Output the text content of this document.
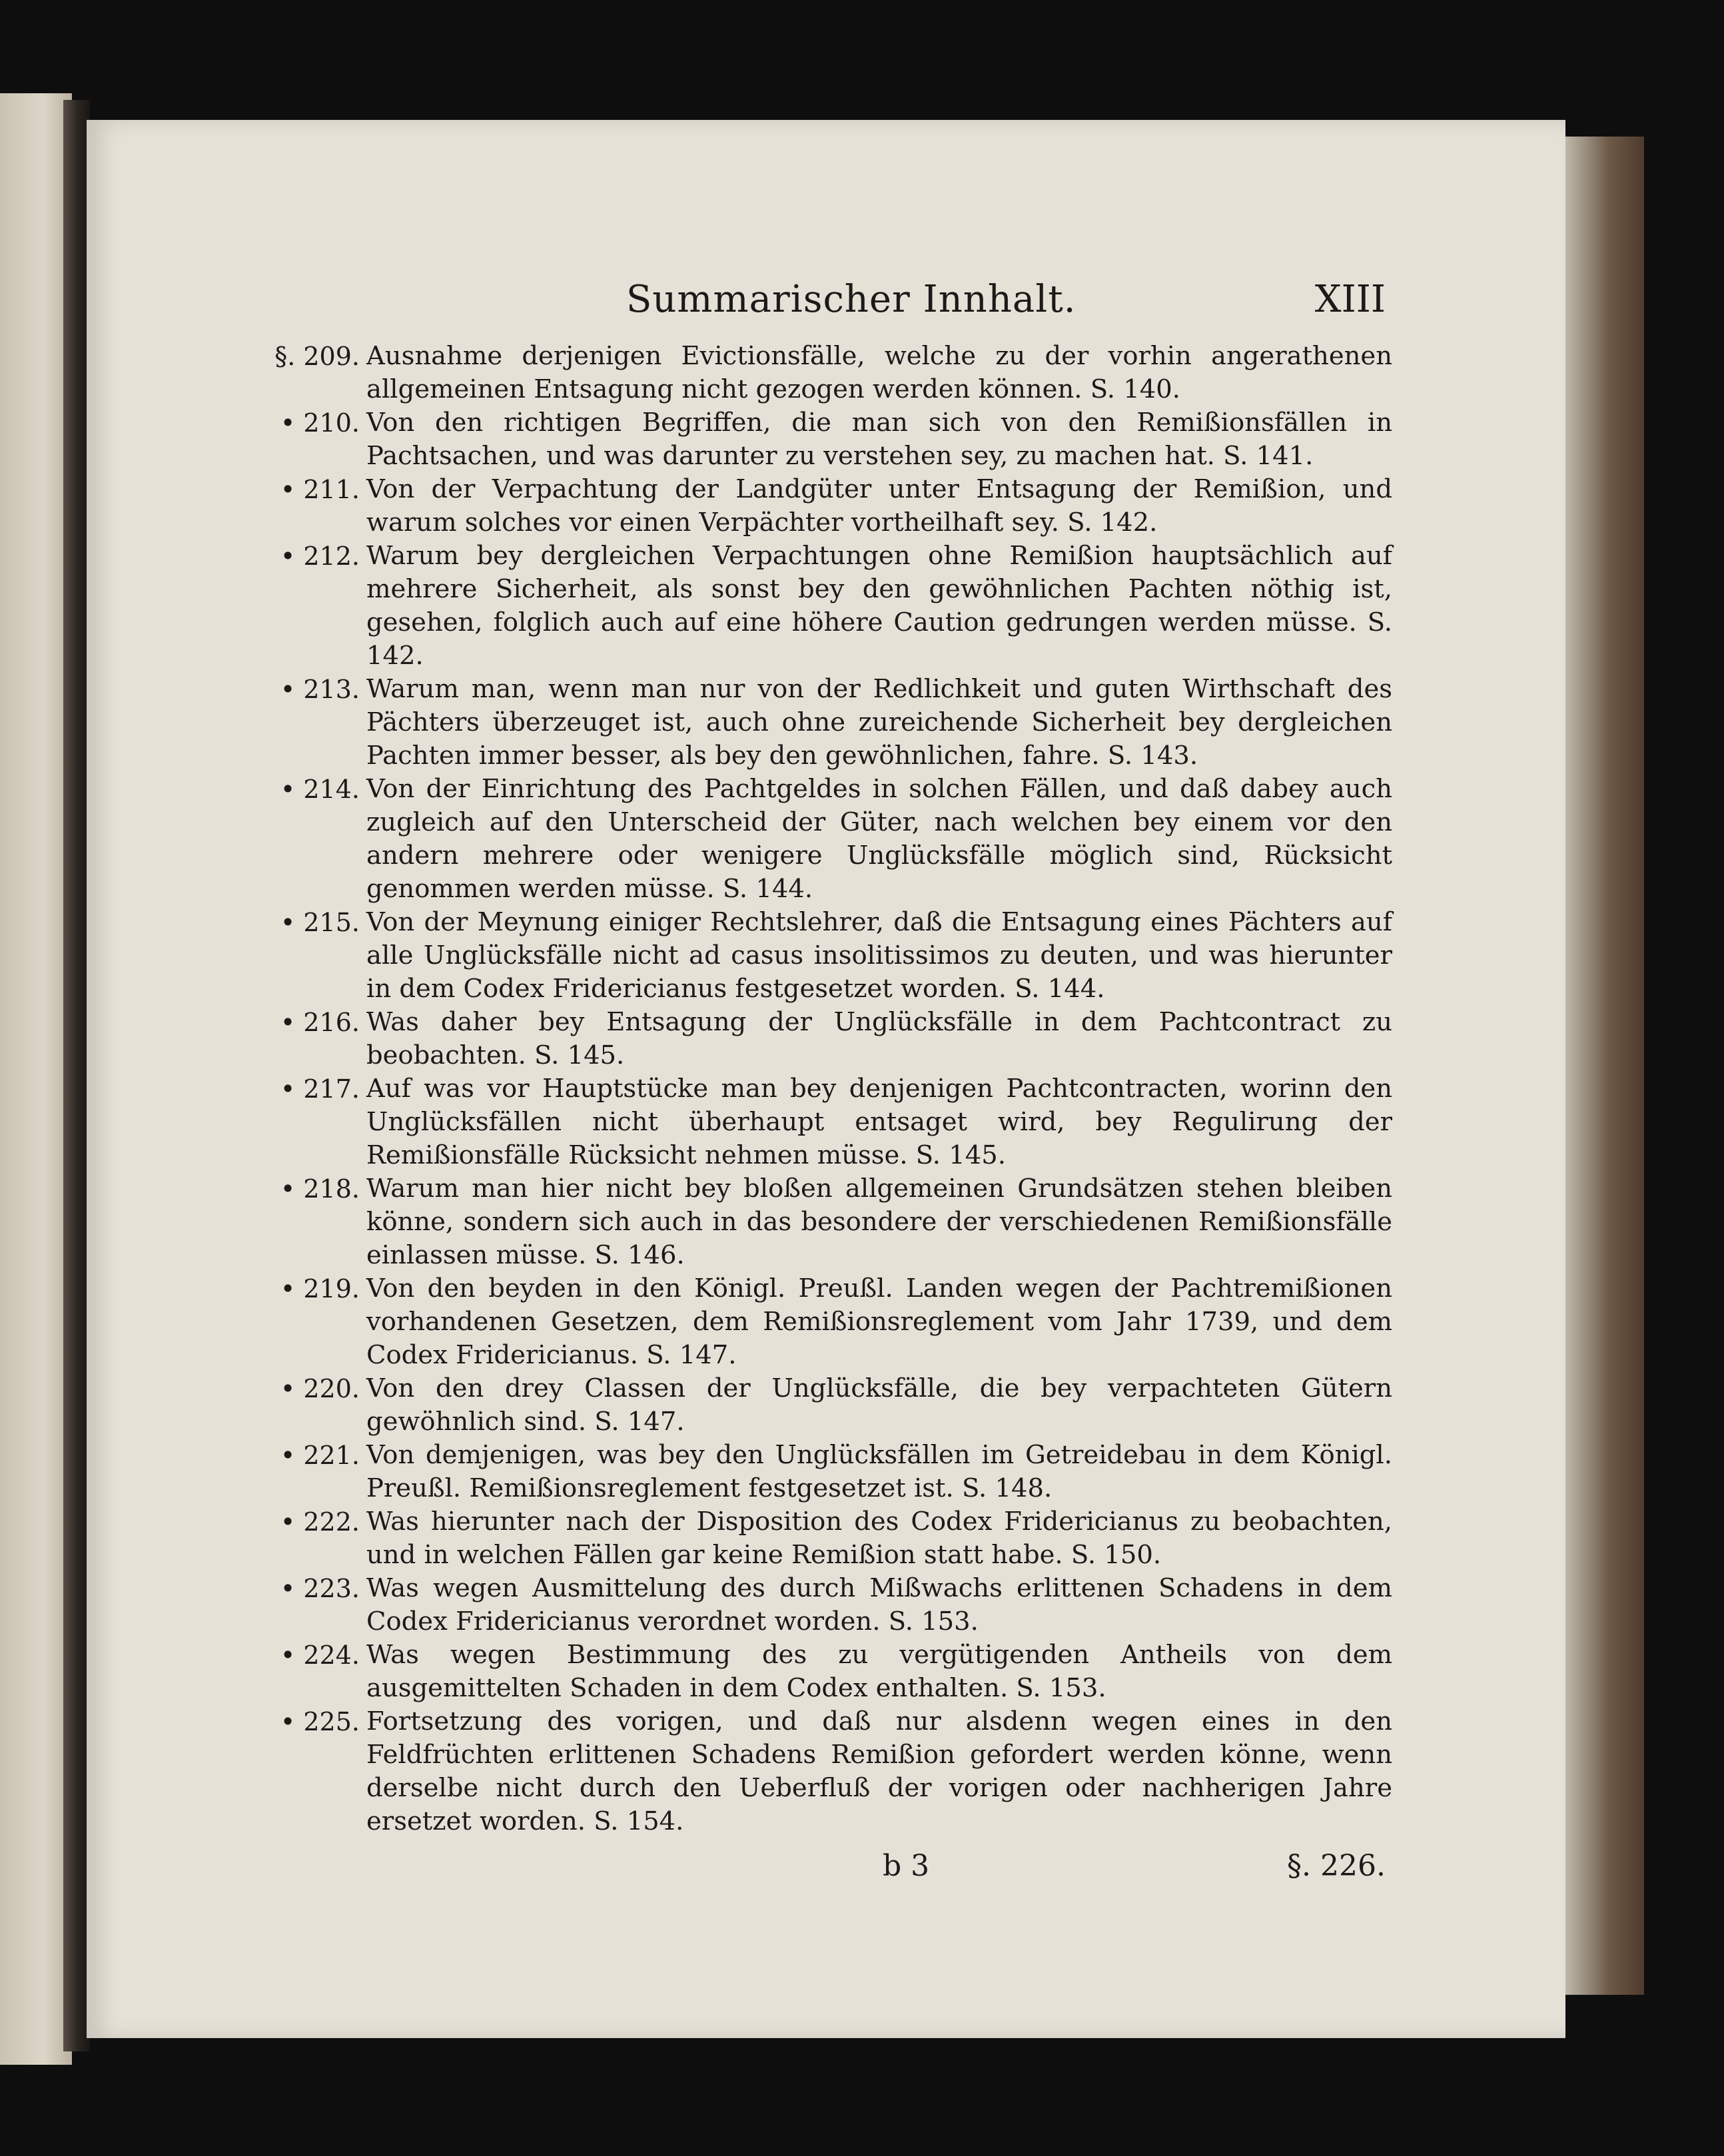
Summarischer Innhalt.	XIII
§. 209. Ausnahme derjenigen Evictionsfälle, welche zu der vorhin angerathenen allgemeinen Entsagung nicht gezogen werden können. S. 140.
• 210. Von den richtigen Begriffen, die man sich von den Remißionsfällen in Pachtsachen, und was darunter zu verstehen sey, zu machen hat. S. 141.
• 211. Von der Verpachtung der Landgüter unter Entsagung der Remißion, und warum solches vor einen Verpächter vortheilhaft sey. S. 142.
• 212. Warum bey dergleichen Verpachtungen ohne Remißion hauptsächlich auf mehrere Sicherheit, als sonst bey den gewöhnlichen Pachten nöthig ist, gesehen, folglich auch auf eine höhere Caution gedrungen werden müsse. S. 142.
• 213. Warum man, wenn man nur von der Redlichkeit und guten Wirthschaft des Pächters überzeuget ist, auch ohne zureichende Sicherheit bey dergleichen Pachten immer besser, als bey den gewöhnlichen, fahre. S. 143.
• 214. Von der Einrichtung des Pachtgeldes in solchen Fällen, und daß dabey auch zugleich auf den Unterscheid der Güter, nach welchen bey einem vor den andern mehrere oder wenigere Unglücksfälle möglich sind, Rücksicht genommen werden müsse. S. 144.
• 215. Von der Meynung einiger Rechtslehrer, daß die Entsagung eines Pächters auf alle Unglücksfälle nicht ad casus insolitissimos zu deuten, und was hierunter in dem Codex Fridericianus festgesetzet worden. S. 144.
• 216. Was daher bey Entsagung der Unglücksfälle in dem Pachtcontract zu beobachten. S. 145.
• 217. Auf was vor Hauptstücke man bey denjenigen Pachtcontracten, worinn den Unglücksfällen nicht überhaupt entsaget wird, bey Regulirung der Remißionsfälle Rücksicht nehmen müsse. S. 145.
• 218. Warum man hier nicht bey bloßen allgemeinen Grundsätzen stehen bleiben könne, sondern sich auch in das besondere der verschiedenen Remißionsfälle einlassen müsse. S. 146.
• 219. Von den beyden in den Königl. Preußl. Landen wegen der Pachtremißionen vorhandenen Gesetzen, dem Remißionsreglement vom Jahr 1739, und dem Codex Fridericianus. S. 147.
• 220. Von den drey Classen der Unglücksfälle, die bey verpachteten Gütern gewöhnlich sind. S. 147.
• 221. Von demjenigen, was bey den Unglücksfällen im Getreidebau in dem Königl. Preußl. Remißionsreglement festgesetzet ist. S. 148.
• 222. Was hierunter nach der Disposition des Codex Fridericianus zu beobachten, und in welchen Fällen gar keine Remißion statt habe. S. 150.
• 223. Was wegen Ausmittelung des durch Mißwachs erlittenen Schadens in dem Codex Fridericianus verordnet worden. S. 153.
• 224. Was wegen Bestimmung des zu vergütigenden Antheils von dem ausgemittelten Schaden in dem Codex enthalten. S. 153.
• 225. Fortsetzung des vorigen, und daß nur alsdenn wegen eines in den Feldfrüchten erlittenen Schadens Remißion gefordert werden könne, wenn derselbe nicht durch den Ueberfluß der vorigen oder nachherigen Jahre ersetzet worden. S. 154.
b 3	§. 226.
